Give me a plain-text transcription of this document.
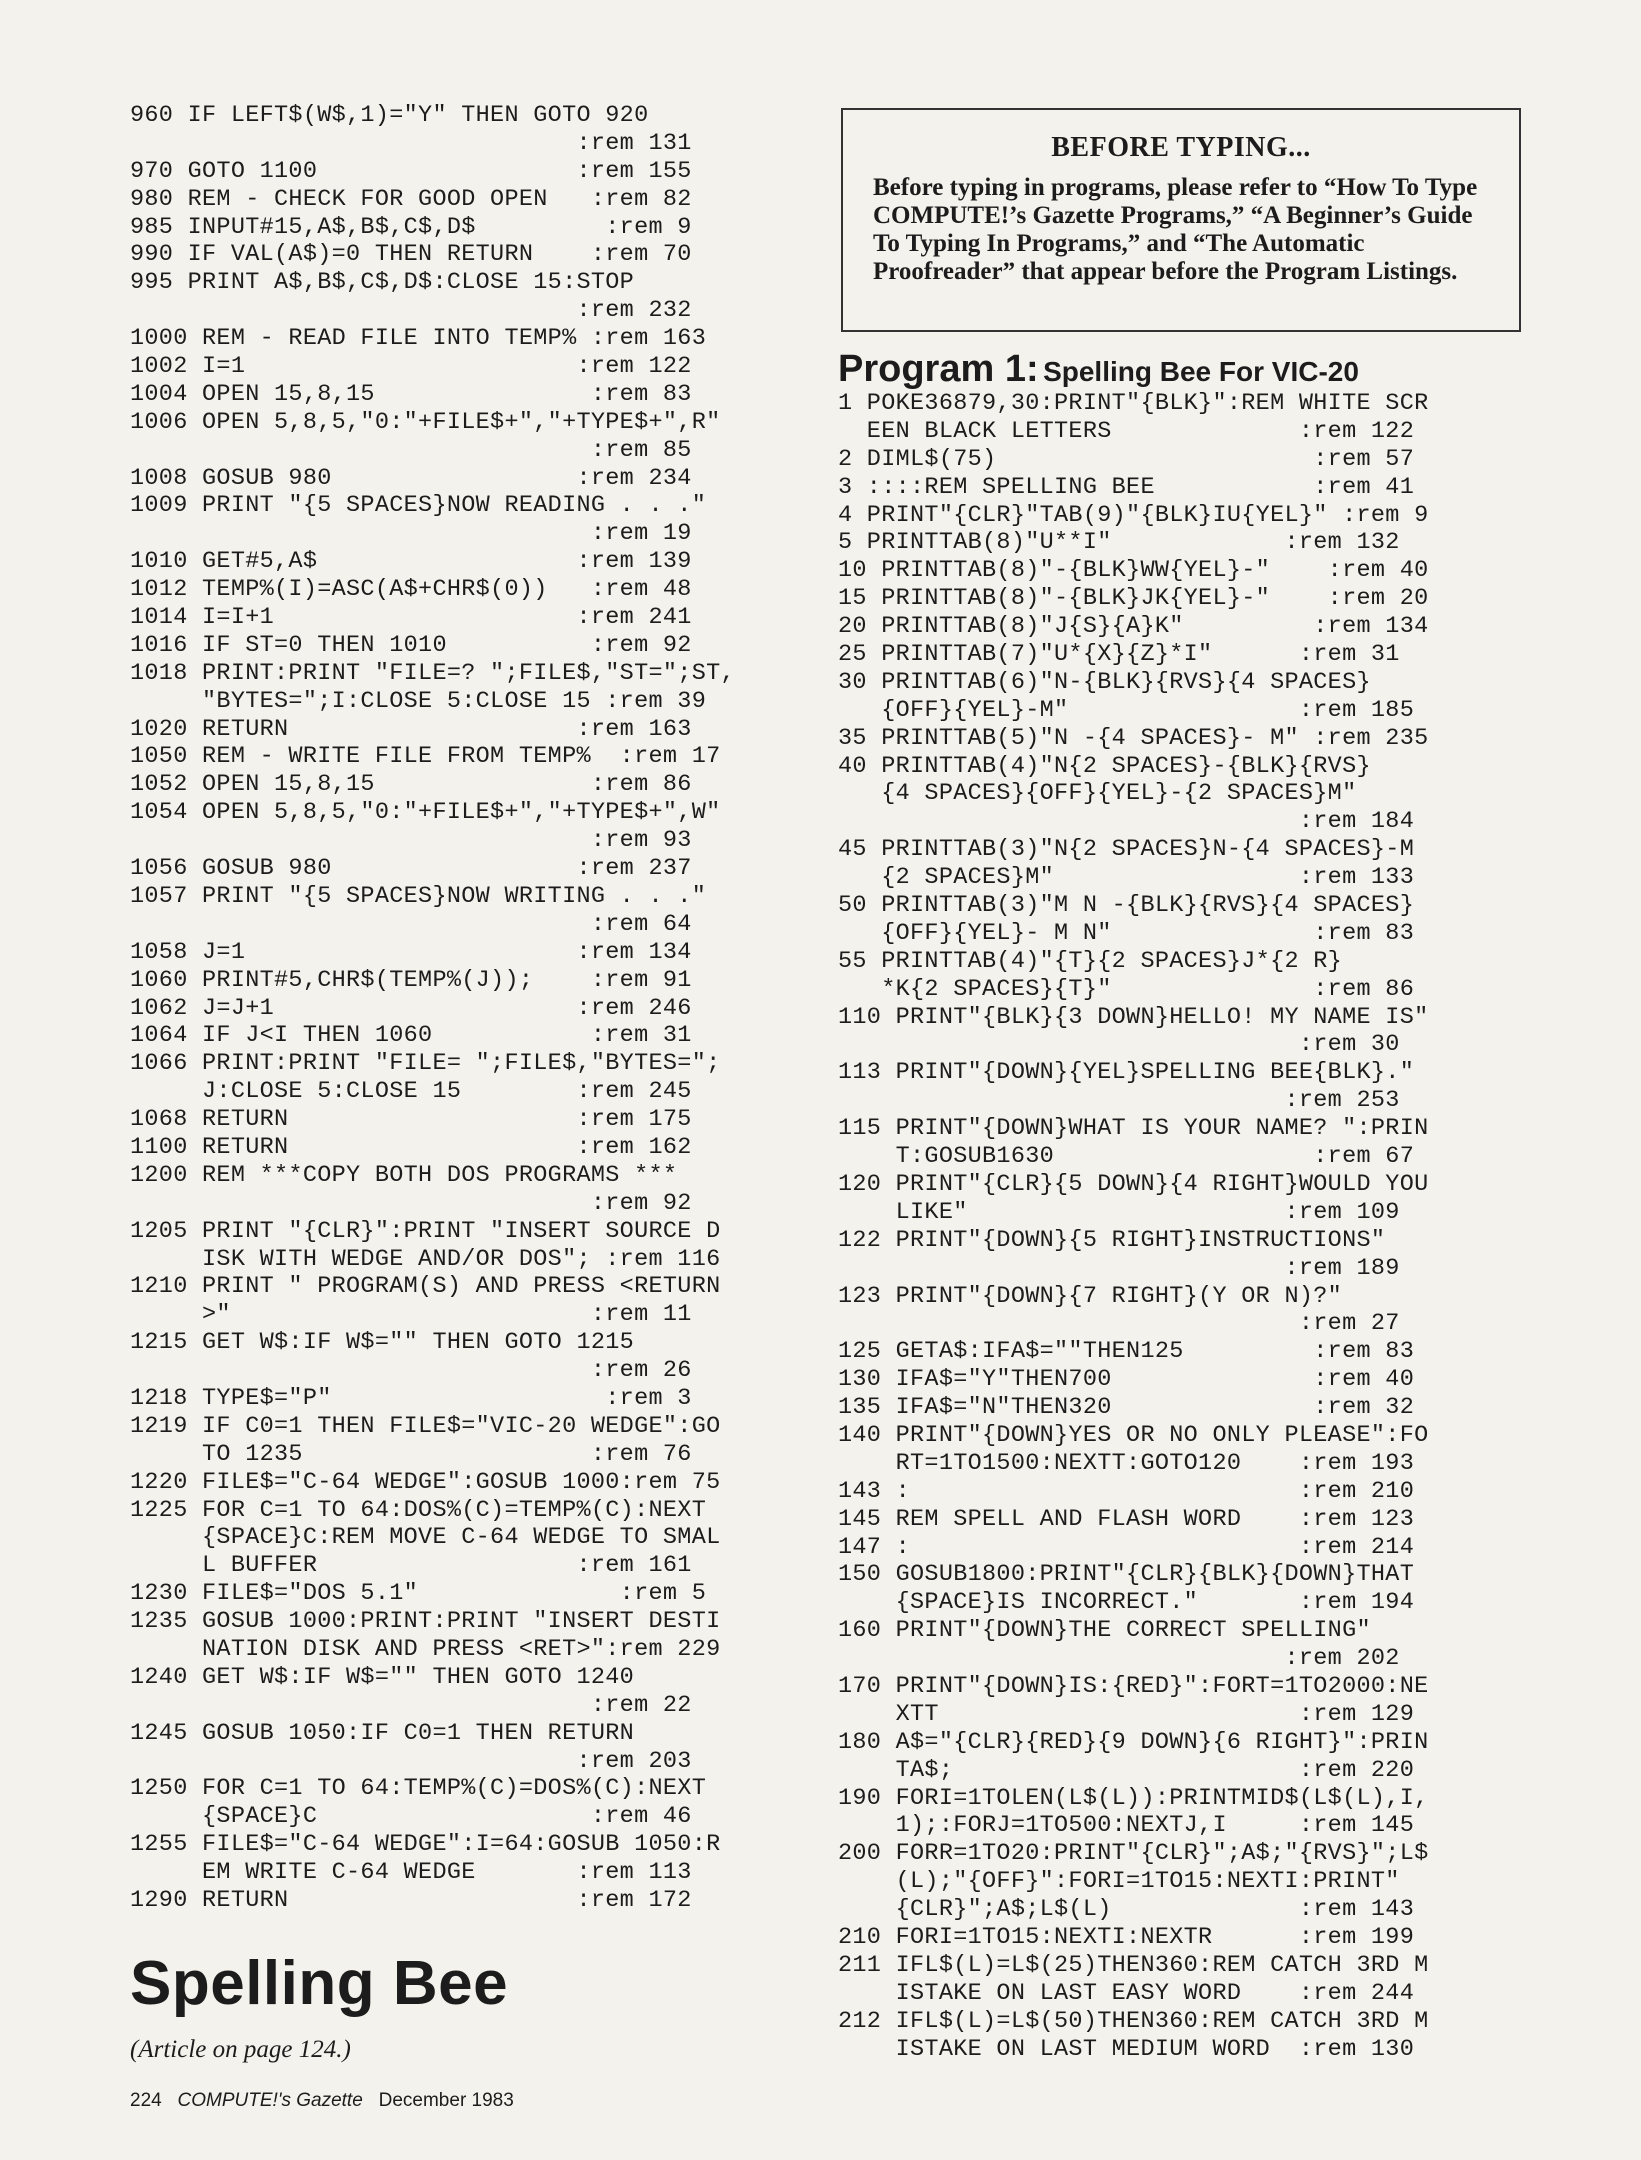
960 IF LEFT$(W$,1)="Y" THEN GOTO 920
:rem 131
970 GOTO 1100                  :rem 155
980 REM - CHECK FOR GOOD OPEN   :rem 82
985 INPUT#15,A$,B$,C$,D$         :rem 9
990 IF VAL(A$)=0 THEN RETURN    :rem 70
995 PRINT A$,B$,C$,D$:CLOSE 15:STOP
:rem 232
1000 REM - READ FILE INTO TEMP% :rem 163
1002 I=1                       :rem 122
1004 OPEN 15,8,15               :rem 83
1006 OPEN 5,8,5,"0:"+FILE$+","+TYPE$+",R"
:rem 85
1008 GOSUB 980                 :rem 234
1009 PRINT "{5 SPACES}NOW READING . . ."
:rem 19
1010 GET#5,A$                  :rem 139
1012 TEMP%(I)=ASC(A$+CHR$(0))   :rem 48
1014 I=I+1                     :rem 241
1016 IF ST=0 THEN 1010          :rem 92
1018 PRINT:PRINT "FILE=? ";FILE$,"ST=";ST,
"BYTES=";I:CLOSE 5:CLOSE 15 :rem 39
1020 RETURN                    :rem 163
1050 REM - WRITE FILE FROM TEMP%  :rem 17
1052 OPEN 15,8,15               :rem 86
1054 OPEN 5,8,5,"0:"+FILE$+","+TYPE$+",W"
:rem 93
1056 GOSUB 980                 :rem 237
1057 PRINT "{5 SPACES}NOW WRITING . . ."
:rem 64
1058 J=1                       :rem 134
1060 PRINT#5,CHR$(TEMP%(J));    :rem 91
1062 J=J+1                     :rem 246
1064 IF J<I THEN 1060           :rem 31
1066 PRINT:PRINT "FILE= ";FILE$,"BYTES=";
J:CLOSE 5:CLOSE 15        :rem 245
1068 RETURN                    :rem 175
1100 RETURN                    :rem 162
1200 REM ***COPY BOTH DOS PROGRAMS ***
:rem 92
1205 PRINT "{CLR}":PRINT "INSERT SOURCE D
ISK WITH WEDGE AND/OR DOS"; :rem 116
1210 PRINT " PROGRAM(S) AND PRESS <RETURN
>"                         :rem 11
1215 GET W$:IF W$="" THEN GOTO 1215
:rem 26
1218 TYPE$="P"                   :rem 3
1219 IF C0=1 THEN FILE$="VIC-20 WEDGE":GO
TO 1235                    :rem 76
1220 FILE$="C-64 WEDGE":GOSUB 1000:rem 75
1225 FOR C=1 TO 64:DOS%(C)=TEMP%(C):NEXT
{SPACE}C:REM MOVE C-64 WEDGE TO SMAL
L BUFFER                  :rem 161
1230 FILE$="DOS 5.1"              :rem 5
1235 GOSUB 1000:PRINT:PRINT "INSERT DESTI
NATION DISK AND PRESS <RET>":rem 229
1240 GET W$:IF W$="" THEN GOTO 1240
:rem 22
1245 GOSUB 1050:IF C0=1 THEN RETURN
:rem 203
1250 FOR C=1 TO 64:TEMP%(C)=DOS%(C):NEXT
{SPACE}C                   :rem 46
1255 FILE$="C-64 WEDGE":I=64:GOSUB 1050:R
EM WRITE C-64 WEDGE       :rem 113
1290 RETURN                    :rem 172
BEFORE TYPING...
Before typing in programs, please refer to “How To Type COMPUTE!’s Gazette Programs,” “A Beginner’s Guide To Typing In Programs,” and “The Automatic Proofreader” that appear before the Program Listings.
Program 1: Spelling Bee For VIC-20
1 POKE36879,30:PRINT"{BLK}":REM WHITE SCR
EEN BLACK LETTERS             :rem 122
2 DIML$(75)                      :rem 57
3 ::::REM SPELLING BEE           :rem 41
4 PRINT"{CLR}"TAB(9)"{BLK}IU{YEL}" :rem 9
5 PRINTTAB(8)"U**I"            :rem 132
10 PRINTTAB(8)"-{BLK}WW{YEL}-"    :rem 40
15 PRINTTAB(8)"-{BLK}JK{YEL}-"    :rem 20
20 PRINTTAB(8)"J{S}{A}K"         :rem 134
25 PRINTTAB(7)"U*{X}{Z}*I"      :rem 31
30 PRINTTAB(6)"N-{BLK}{RVS}{4 SPACES}
{OFF}{YEL}-M"                :rem 185
35 PRINTTAB(5)"N -{4 SPACES}- M" :rem 235
40 PRINTTAB(4)"N{2 SPACES}-{BLK}{RVS}
{4 SPACES}{OFF}{YEL}-{2 SPACES}M"
:rem 184
45 PRINTTAB(3)"N{2 SPACES}N-{4 SPACES}-M
{2 SPACES}M"                 :rem 133
50 PRINTTAB(3)"M N -{BLK}{RVS}{4 SPACES}
{OFF}{YEL}- M N"              :rem 83
55 PRINTTAB(4)"{T}{2 SPACES}J*{2 R}
*K{2 SPACES}{T}"              :rem 86
110 PRINT"{BLK}{3 DOWN}HELLO! MY NAME IS"
:rem 30
113 PRINT"{DOWN}{YEL}SPELLING BEE{BLK}."
:rem 253
115 PRINT"{DOWN}WHAT IS YOUR NAME? ":PRIN
T:GOSUB1630                  :rem 67
120 PRINT"{CLR}{5 DOWN}{4 RIGHT}WOULD YOU
LIKE"                      :rem 109
122 PRINT"{DOWN}{5 RIGHT}INSTRUCTIONS"
:rem 189
123 PRINT"{DOWN}{7 RIGHT}(Y OR N)?"
:rem 27
125 GETA$:IFA$=""THEN125         :rem 83
130 IFA$="Y"THEN700              :rem 40
135 IFA$="N"THEN320              :rem 32
140 PRINT"{DOWN}YES OR NO ONLY PLEASE":FO
RT=1TO1500:NEXTT:GOTO120    :rem 193
143 :                           :rem 210
145 REM SPELL AND FLASH WORD    :rem 123
147 :                           :rem 214
150 GOSUB1800:PRINT"{CLR}{BLK}{DOWN}THAT
{SPACE}IS INCORRECT."       :rem 194
160 PRINT"{DOWN}THE CORRECT SPELLING"
:rem 202
170 PRINT"{DOWN}IS:{RED}":FORT=1TO2000:NE
XTT                         :rem 129
180 A$="{CLR}{RED}{9 DOWN}{6 RIGHT}":PRIN
TA$;                        :rem 220
190 FORI=1TOLEN(L$(L)):PRINTMID$(L$(L),I,
1);:FORJ=1TO500:NEXTJ,I     :rem 145
200 FORR=1TO20:PRINT"{CLR}";A$;"{RVS}";L$
(L);"{OFF}":FORI=1TO15:NEXTI:PRINT"
{CLR}";A$;L$(L)             :rem 143
210 FORI=1TO15:NEXTI:NEXTR      :rem 199
211 IFL$(L)=L$(25)THEN360:REM CATCH 3RD M
ISTAKE ON LAST EASY WORD    :rem 244
212 IFL$(L)=L$(50)THEN360:REM CATCH 3RD M
ISTAKE ON LAST MEDIUM WORD  :rem 130
Spelling Bee
(Article on page 124.)
224 COMPUTE!'s Gazette December 1983
